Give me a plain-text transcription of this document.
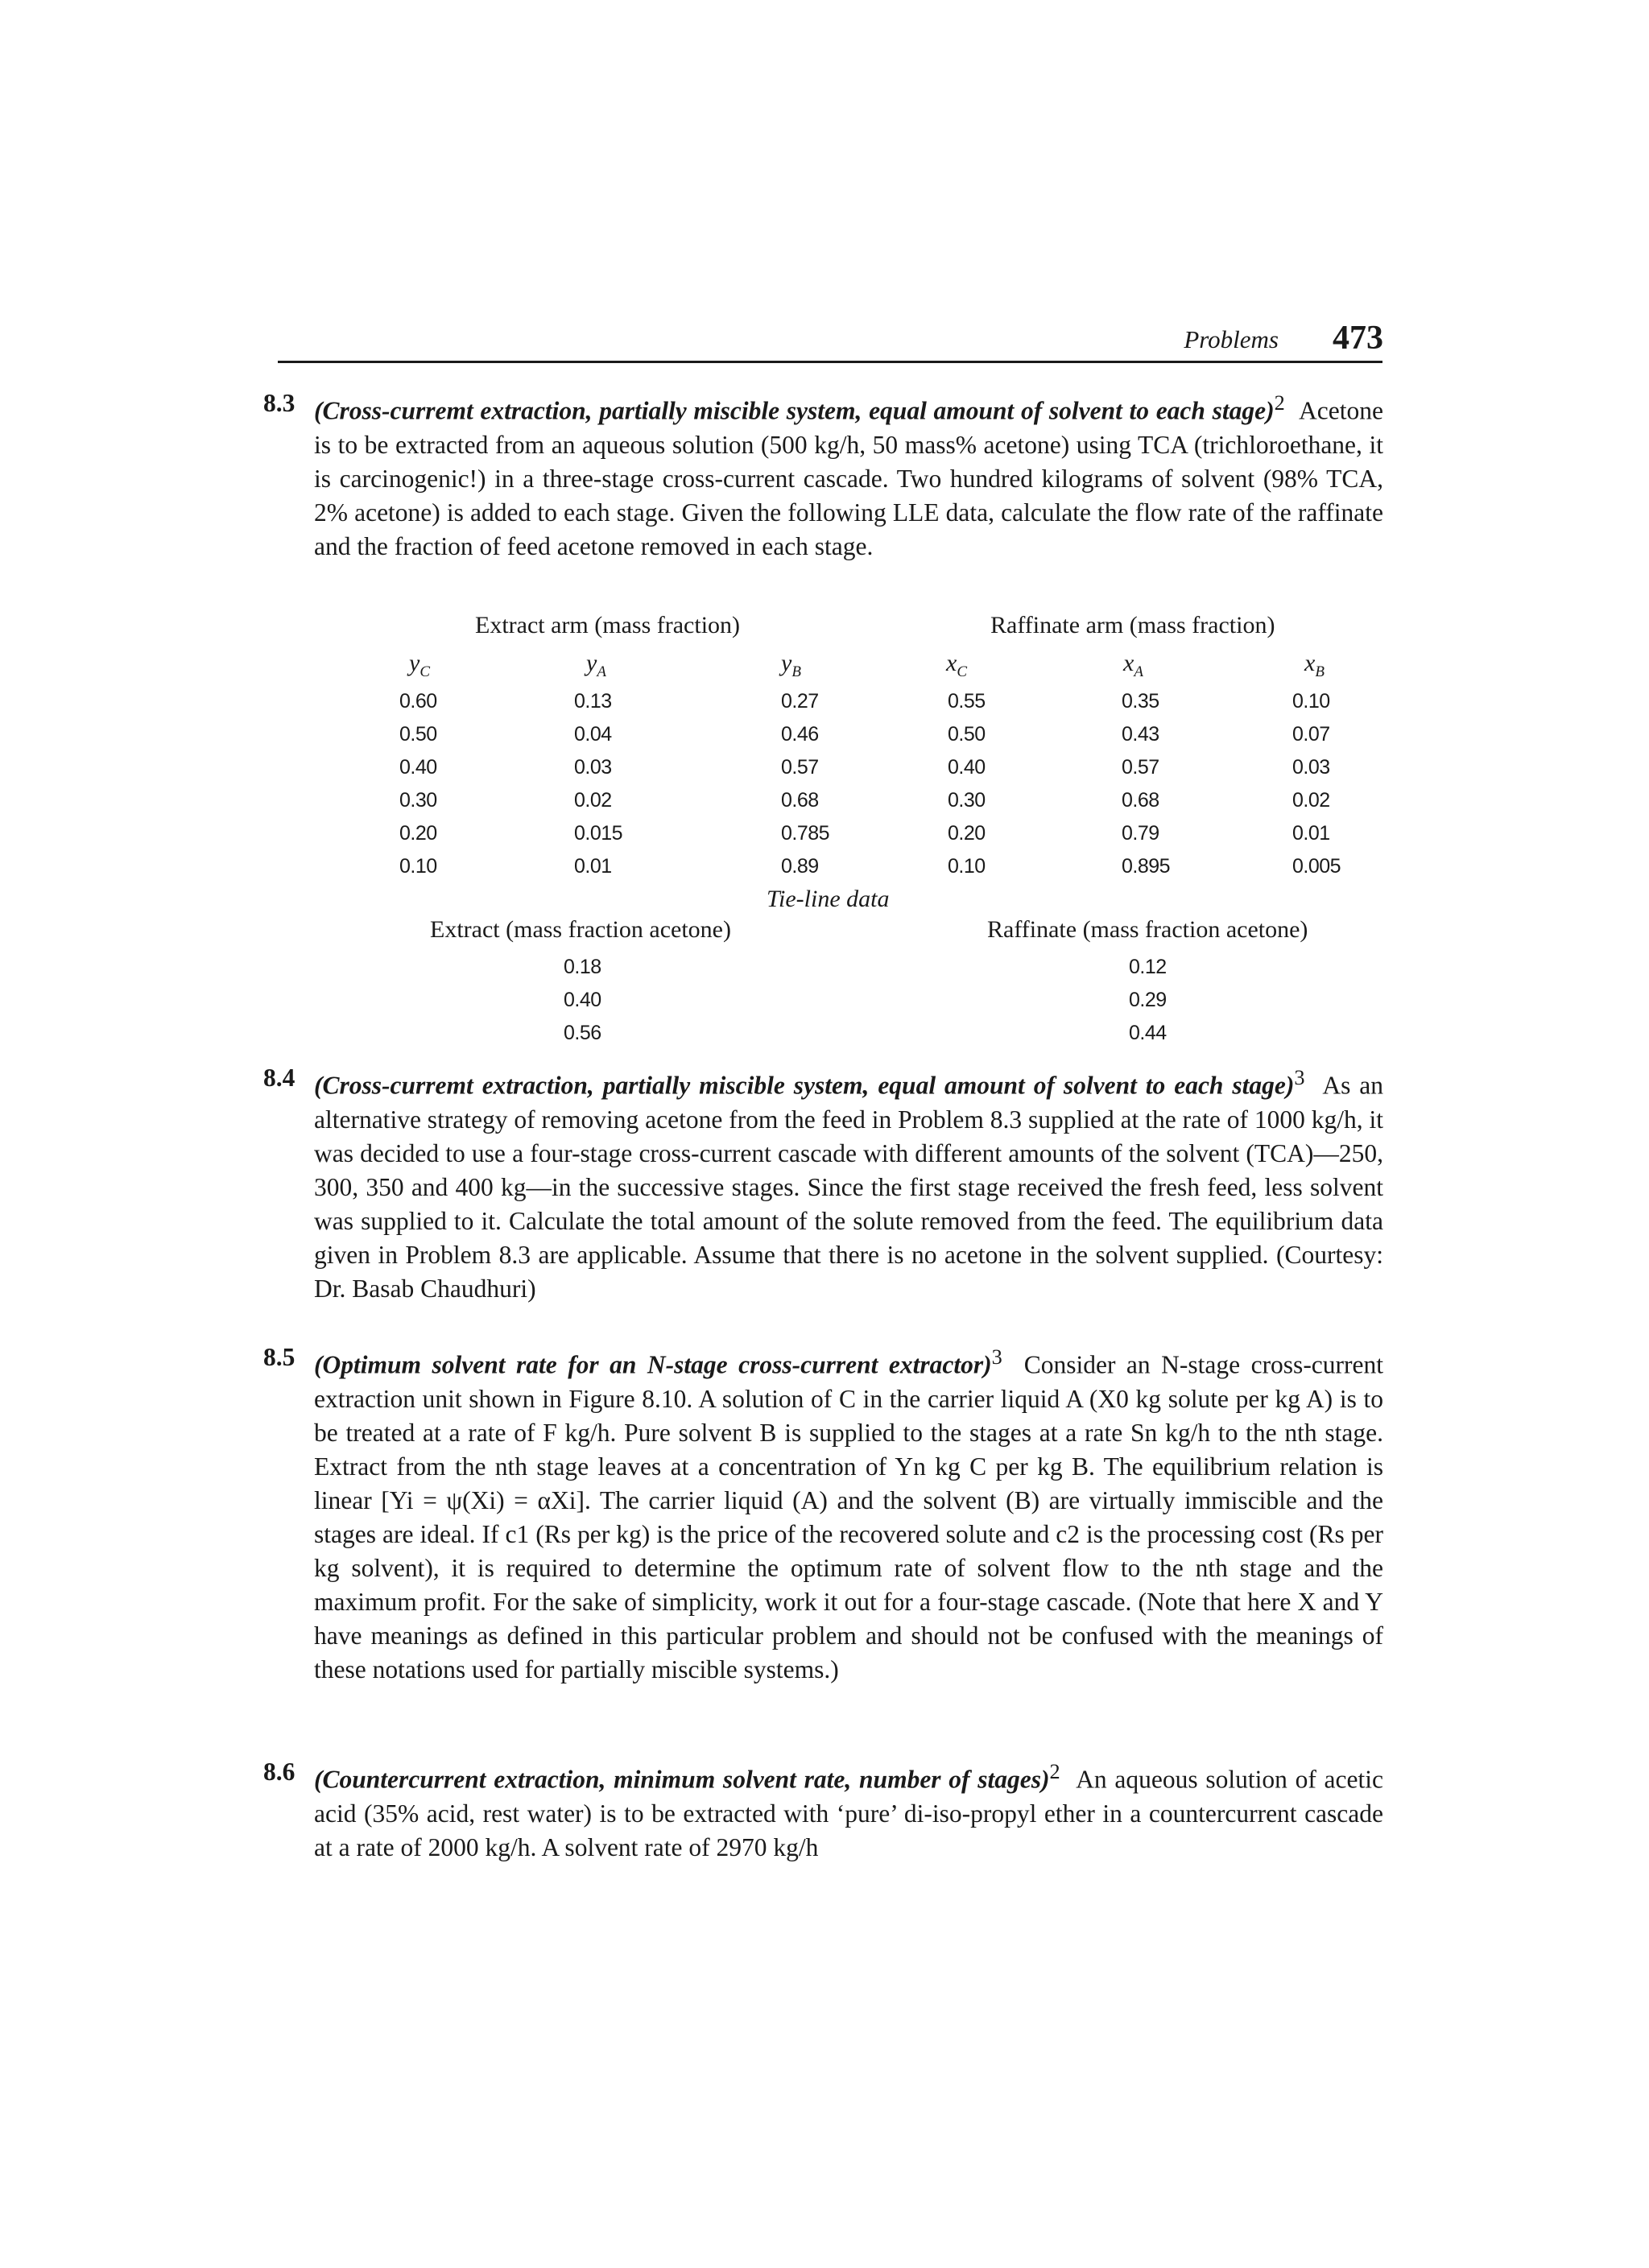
Problems 473
8.3 (Cross-curremt extraction, partially miscible system, equal amount of solvent to each stage)$^2$ Acetone is to be extracted from an aqueous solution (500 kg/h, 50 mass% acetone) using TCA (trichloroethane, it is carcinogenic!) in a three-stage cross-current cascade. Two hundred kilograms of solvent (98% TCA, 2% acetone) is added to each stage. Given the following LLE data, calculate the flow rate of the raffinate and the fraction of feed acetone removed in each stage.
Extract arm (mass fraction)	Raffinate arm (mass fraction)
$y_C$	$y_A$	$y_B$	$x_C$	$x_A$	$x_B$
0.60	0.13	0.27	0.55	0.35	0.10
0.50	0.04	0.46	0.50	0.43	0.07
0.40	0.03	0.57	0.40	0.57	0.03
0.30	0.02	0.68	0.30	0.68	0.02
0.20	0.015	0.785	0.20	0.79	0.01
0.10	0.01	0.89	0.10	0.895	0.005
Tie-line data
Extract (mass fraction acetone)	Raffinate (mass fraction acetone)
0.18	0.12
0.40	0.29
0.56	0.44
8.4 (Cross-curremt extraction, partially miscible system, equal amount of solvent to each stage)$^3$ As an alternative strategy of removing acetone from the feed in Problem 8.3 supplied at the rate of 1000 kg/h, it was decided to use a four-stage cross-current cascade with different amounts of the solvent (TCA)—250, 300, 350 and 400 kg—in the successive stages. Since the first stage received the fresh feed, less solvent was supplied to it. Calculate the total amount of the solute removed from the feed. The equilibrium data given in Problem 8.3 are applicable. Assume that there is no acetone in the solvent supplied. (Courtesy: Dr. Basab Chaudhuri)
8.5 (Optimum solvent rate for an N-stage cross-current extractor)$^3$ Consider an N-stage cross-current extraction unit shown in Figure 8.10. A solution of C in the carrier liquid A (X0 kg solute per kg A) is to be treated at a rate of F kg/h. Pure solvent B is supplied to the stages at a rate Sn kg/h to the nth stage. Extract from the nth stage leaves at a concentration of Yn kg C per kg B. The equilibrium relation is linear [Yi = ψ(Xi) = αXi]. The carrier liquid (A) and the solvent (B) are virtually immiscible and the stages are ideal. If c1 (Rs per kg) is the price of the recovered solute and c2 is the processing cost (Rs per kg solvent), it is required to determine the optimum rate of solvent flow to the nth stage and the maximum profit. For the sake of simplicity, work it out for a four-stage cascade. (Note that here X and Y have meanings as defined in this particular problem and should not be confused with the meanings of these notations used for partially miscible systems.)
8.6 (Countercurrent extraction, minimum solvent rate, number of stages)$^2$ An aqueous solution of acetic acid (35% acid, rest water) is to be extracted with ‘pure’ di-iso-propyl ether in a countercurrent cascade at a rate of 2000 kg/h. A solvent rate of 2970 kg/h
